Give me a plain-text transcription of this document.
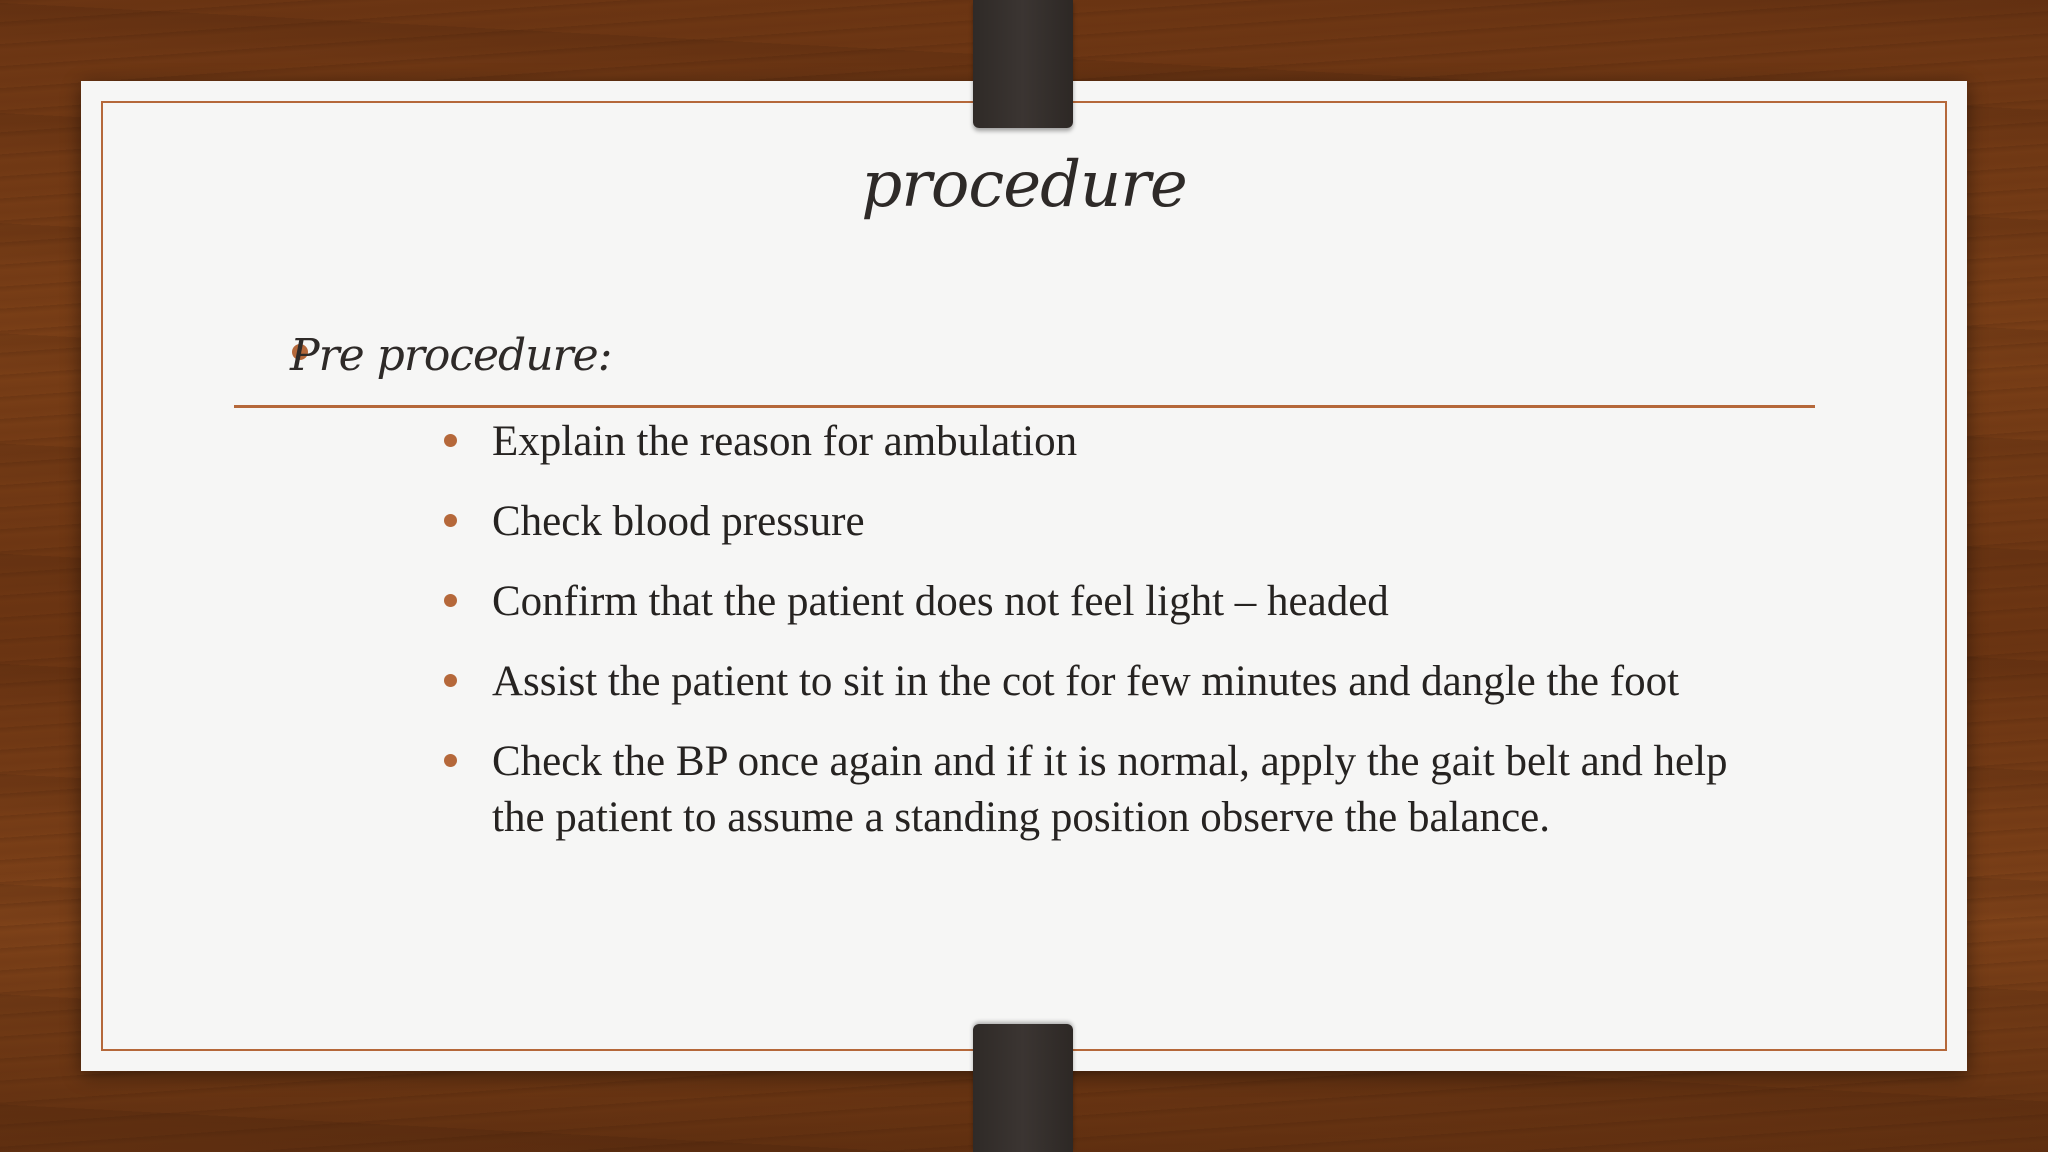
procedure
Pre procedure:
Explain the reason for ambulation
Check blood pressure
Confirm that the patient does not feel light – headed
Assist the patient to sit in the cot for few minutes and dangle the foot
Check the BP once again and if it is normal, apply the gait belt and help the patient to assume a standing position observe the balance.
